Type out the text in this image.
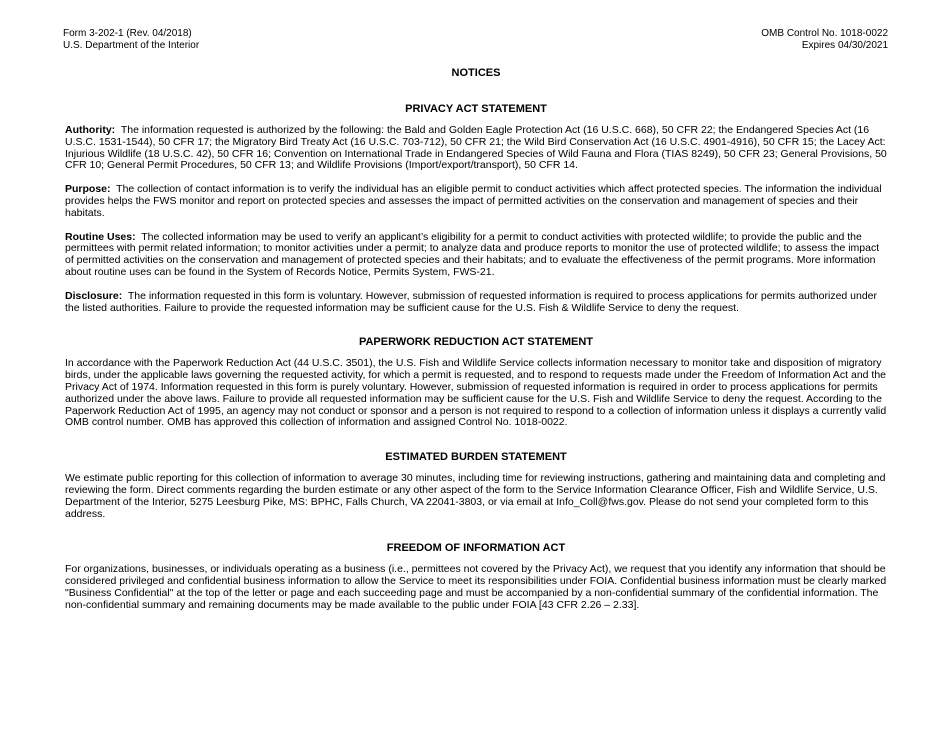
Form 3-202-1 (Rev. 04/2018)
U.S. Department of the Interior
OMB Control No. 1018-0022
Expires 04/30/2021
NOTICES
PRIVACY ACT STATEMENT

Authority: The information requested is authorized by the following: the Bald and Golden Eagle Protection Act (16 U.S.C. 668), 50 CFR 22; the Endangered Species Act (16 U.S.C. 1531-1544), 50 CFR 17; the Migratory Bird Treaty Act (16 U.S.C. 703-712), 50 CFR 21; the Wild Bird Conservation Act (16 U.S.C. 4901-4916), 50 CFR 15; the Lacey Act: Injurious Wildlife (18 U.S.C. 42), 50 CFR 16; Convention on International Trade in Endangered Species of Wild Fauna and Flora (TIAS 8249), 50 CFR 23; General Provisions, 50 CFR 10; General Permit Procedures, 50 CFR 13; and Wildlife Provisions (Import/export/transport), 50 CFR 14.

Purpose: The collection of contact information is to verify the individual has an eligible permit to conduct activities which affect protected species. The information the individual provides helps the FWS monitor and report on protected species and assesses the impact of permitted activities on the conservation and management of species and their habitats.

Routine Uses: The collected information may be used to verify an applicant’s eligibility for a permit to conduct activities with protected wildlife; to provide the public and the permittees with permit related information; to monitor activities under a permit; to analyze data and produce reports to monitor the use of protected wildlife; to assess the impact of permitted activities on the conservation and management of protected species and their habitats; and to evaluate the effectiveness of the permit programs. More information about routine uses can be found in the System of Records Notice, Permits System, FWS-21.

Disclosure: The information requested in this form is voluntary. However, submission of requested information is required to process applications for permits authorized under the listed authorities. Failure to provide the requested information may be sufficient cause for the U.S. Fish & Wildlife Service to deny the request.

PAPERWORK REDUCTION ACT STATEMENT

In accordance with the Paperwork Reduction Act (44 U.S.C. 3501), the U.S. Fish and Wildlife Service collects information necessary to monitor take and disposition of migratory birds, under the applicable laws governing the requested activity, for which a permit is requested, and to respond to requests made under the Freedom of Information Act and the Privacy Act of 1974. Information requested in this form is purely voluntary. However, submission of requested information is required in order to process applications for permits authorized under the above laws. Failure to provide all requested information may be sufficient cause for the U.S. Fish and Wildlife Service to deny the request. According to the Paperwork Reduction Act of 1995, an agency may not conduct or sponsor and a person is not required to respond to a collection of information unless it displays a currently valid OMB control number. OMB has approved this collection of information and assigned Control No. 1018-0022.

ESTIMATED BURDEN STATEMENT

We estimate public reporting for this collection of information to average 30 minutes, including time for reviewing instructions, gathering and maintaining data and completing and reviewing the form. Direct comments regarding the burden estimate or any other aspect of the form to the Service Information Clearance Officer, Fish and Wildlife Service, U.S. Department of the Interior, 5275 Leesburg Pike, MS: BPHC, Falls Church, VA 22041-3803, or via email at Info_Coll@fws.gov. Please do not send your completed form to this address.

FREEDOM OF INFORMATION ACT

For organizations, businesses, or individuals operating as a business (i.e., permittees not covered by the Privacy Act), we request that you identify any information that should be considered privileged and confidential business information to allow the Service to meet its responsibilities under FOIA. Confidential business information must be clearly marked "Business Confidential" at the top of the letter or page and each succeeding page and must be accompanied by a non-confidential summary of the confidential information. The non-confidential summary and remaining documents may be made available to the public under FOIA [43 CFR 2.26 – 2.33].
